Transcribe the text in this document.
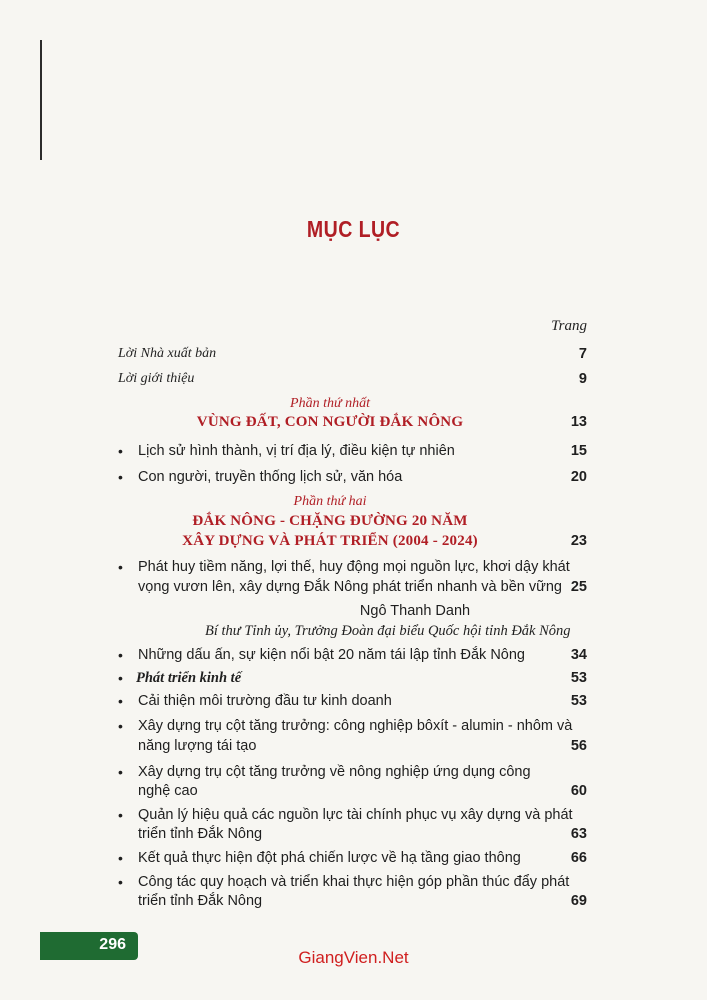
MỤC LỤC
Trang
Lời Nhà xuất bản	7
Lời giới thiệu	9
Phần thứ nhất
VÙNG ĐẤT, CON NGƯỜI ĐẮK NÔNG	13
• Lịch sử hình thành, vị trí địa lý, điều kiện tự nhiên	15
• Con người, truyền thống lịch sử, văn hóa	20
Phần thứ hai
ĐẮK NÔNG - CHẶNG ĐƯỜNG 20 NĂM
XÂY DỰNG VÀ PHÁT TRIỂN (2004 - 2024)	23
• Phát huy tiềm năng, lợi thế, huy động mọi nguồn lực, khơi dậy khát
vọng vươn lên, xây dựng Đắk Nông phát triển nhanh và bền vững 25
Ngô Thanh Danh
Bí thư Tỉnh ủy, Trưởng Đoàn đại biểu Quốc hội tỉnh Đắk Nông
• Những dấu ấn, sự kiện nổi bật 20 năm tái lập tỉnh Đắk Nông	34
• Phát triển kinh tế	53
• Cải thiện môi trường đầu tư kinh doanh	53
• Xây dựng trụ cột tăng trưởng: công nghiệp bôxít - alumin - nhôm và
năng lượng tái tạo	56
• Xây dựng trụ cột tăng trưởng về nông nghiệp ứng dụng công
nghệ cao	60
• Quản lý hiệu quả các nguồn lực tài chính phục vụ xây dựng và phát
triển tỉnh Đắk Nông	63
• Kết quả thực hiện đột phá chiến lược về hạ tầng giao thông	66
• Công tác quy hoạch và triển khai thực hiện góp phần thúc đẩy phát
triển tỉnh Đắk Nông	69
296
GiangVien.Net
